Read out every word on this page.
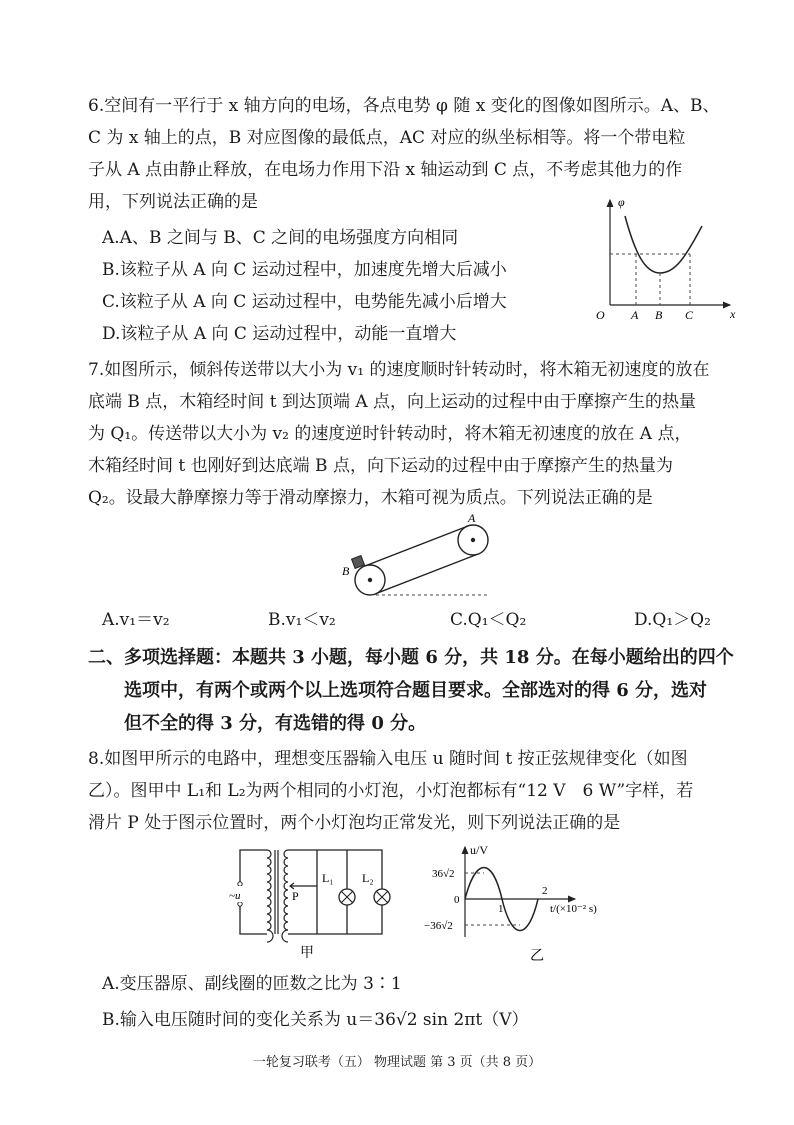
6.空间有一平行于 x 轴方向的电场，各点电势 φ 随 x 变化的图像如图所示。A、B、
C 为 x 轴上的点，B 对应图像的最低点，AC 对应的纵坐标相等。将一个带电粒
子从 A 点由静止释放，在电场力作用下沿 x 轴运动到 C 点，不考虑其他力的作
用，下列说法正确的是
A.A、B 之间与 B、C 之间的电场强度方向相同
B.该粒子从 A 向 C 运动过程中，加速度先增大后减小
C.该粒子从 A 向 C 运动过程中，电势能先减小后增大
D.该粒子从 A 向 C 运动过程中，动能一直增大
φ
x
O A B C
7.如图所示，倾斜传送带以大小为 v₁ 的速度顺时针转动时，将木箱无初速度的放在
底端 B 点，木箱经时间 t 到达顶端 A 点，向上运动的过程中由于摩擦产生的热量
为 Q₁。传送带以大小为 v₂ 的速度逆时针转动时，将木箱无初速度的放在 A 点，
木箱经时间 t 也刚好到达底端 B 点，向下运动的过程中由于摩擦产生的热量为
Q₂。设最大静摩擦力等于滑动摩擦力，木箱可视为质点。下列说法正确的是
A
B
A.v₁＝v₂	B.v₁＜v₂	C.Q₁＜Q₂	D.Q₁＞Q₂
二、多项选择题：本题共 3 小题，每小题 6 分，共 18 分。在每小题给出的四个
选项中，有两个或两个以上选项符合题目要求。全部选对的得 6 分，选对
但不全的得 3 分，有选错的得 0 分。
8.如图甲所示的电路中，理想变压器输入电压 u 随时间 t 按正弦规律变化（如图
乙）。图甲中 L₁和 L₂为两个相同的小灯泡，小灯泡都标有“12 V　6 W”字样，若
滑片 P 处于图示位置时，两个小灯泡均正常发光，则下列说法正确的是
~u	P
L₁ L₂
甲
u/V
36√2
0
−36√2
1
2
t/(×10⁻² s)
乙
A.变压器原、副线圈的匝数之比为 3∶1
B.输入电压随时间的变化关系为 u＝36√2 sin 2πt（V）
一轮复习联考（五） 物理试题 第 3 页（共 8 页）
